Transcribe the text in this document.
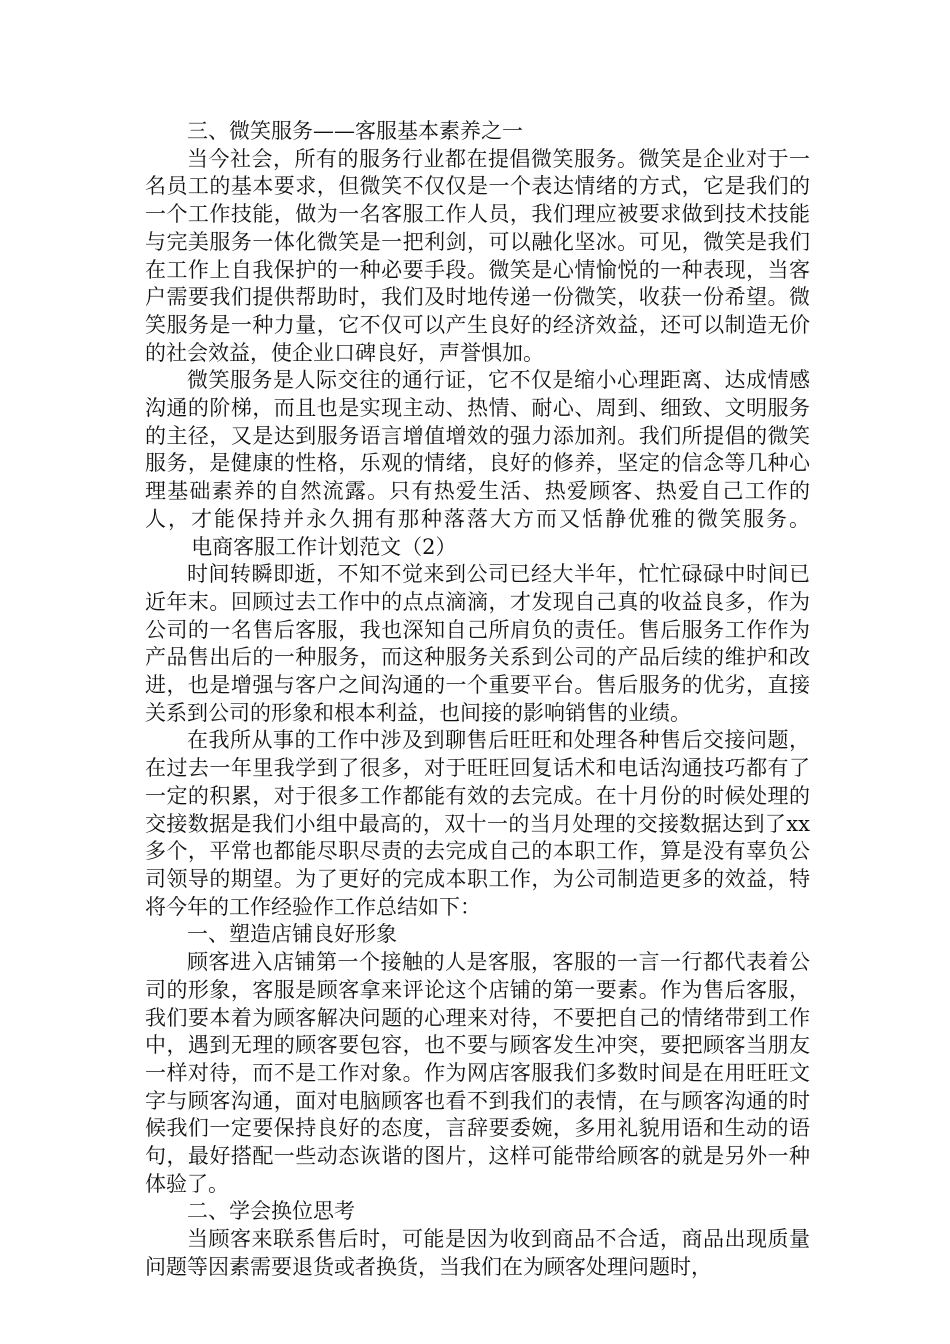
三、微笑服务——客服基本素养之一

当今社会，所有的服务行业都在提倡微笑服务。微笑是企业对于一名员工的基本要求，但微笑不仅仅是一个表达情绪的方式，它是我们的一个工作技能，做为一名客服工作人员，我们理应被要求做到技术技能与完美服务一体化微笑是一把利剑，可以融化坚冰。可见，微笑是我们在工作上自我保护的一种必要手段。微笑是心情愉悦的一种表现，当客户需要我们提供帮助时，我们及时地传递一份微笑，收获一份希望。微笑服务是一种力量，它不仅可以产生良好的经济效益，还可以制造无价的社会效益，使企业口碑良好，声誉惧加。

微笑服务是人际交往的通行证，它不仅是缩小心理距离、达成情感沟通的阶梯，而且也是实现主动、热情、耐心、周到、细致、文明服务的主径，又是达到服务语言增值增效的强力添加剂。我们所提倡的微笑服务，是健康的性格，乐观的情绪，良好的修养，坚定的信念等几种心理基础素养的自然流露。只有热爱生活、热爱顾客、热爱自己工作的人，才能保持并永久拥有那种落落大方而又恬静优雅的微笑服务。电商客服工作计划范文（2）

时间转瞬即逝，不知不觉来到公司已经大半年，忙忙碌碌中时间已近年末。回顾过去工作中的点点滴滴，才发现自己真的收益良多，作为公司的一名售后客服，我也深知自己所肩负的责任。售后服务工作作为产品售出后的一种服务，而这种服务关系到公司的产品后续的维护和改进，也是增强与客户之间沟通的一个重要平台。售后服务的优劣，直接关系到公司的形象和根本利益，也间接的影响销售的业绩。

在我所从事的工作中涉及到聊售后旺旺和处理各种售后交接问题，在过去一年里我学到了很多，对于旺旺回复话术和电话沟通技巧都有了一定的积累，对于很多工作都能有效的去完成。在十月份的时候处理的交接数据是我们小组中最高的，双十一的当月处理的交接数据达到了xx多个，平常也都能尽职尽责的去完成自己的本职工作，算是没有辜负公司领导的期望。为了更好的完成本职工作，为公司制造更多的效益，特将今年的工作经验作工作总结如下：

一、塑造店铺良好形象

顾客进入店铺第一个接触的人是客服，客服的一言一行都代表着公司的形象，客服是顾客拿来评论这个店铺的第一要素。作为售后客服，我们要本着为顾客解决问题的心理来对待，不要把自己的情绪带到工作中，遇到无理的顾客要包容，也不要与顾客发生冲突，要把顾客当朋友一样对待，而不是工作对象。作为网店客服我们多数时间是在用旺旺文字与顾客沟通，面对电脑顾客也看不到我们的表情，在与顾客沟通的时候我们一定要保持良好的态度，言辞要委婉，多用礼貌用语和生动的语句，最好搭配一些动态诙谐的图片，这样可能带给顾客的就是另外一种体验了。

二、学会换位思考

当顾客来联系售后时，可能是因为收到商品不合适，商品出现质量问题等因素需要退货或者换货，当我们在为顾客处理问题时，
